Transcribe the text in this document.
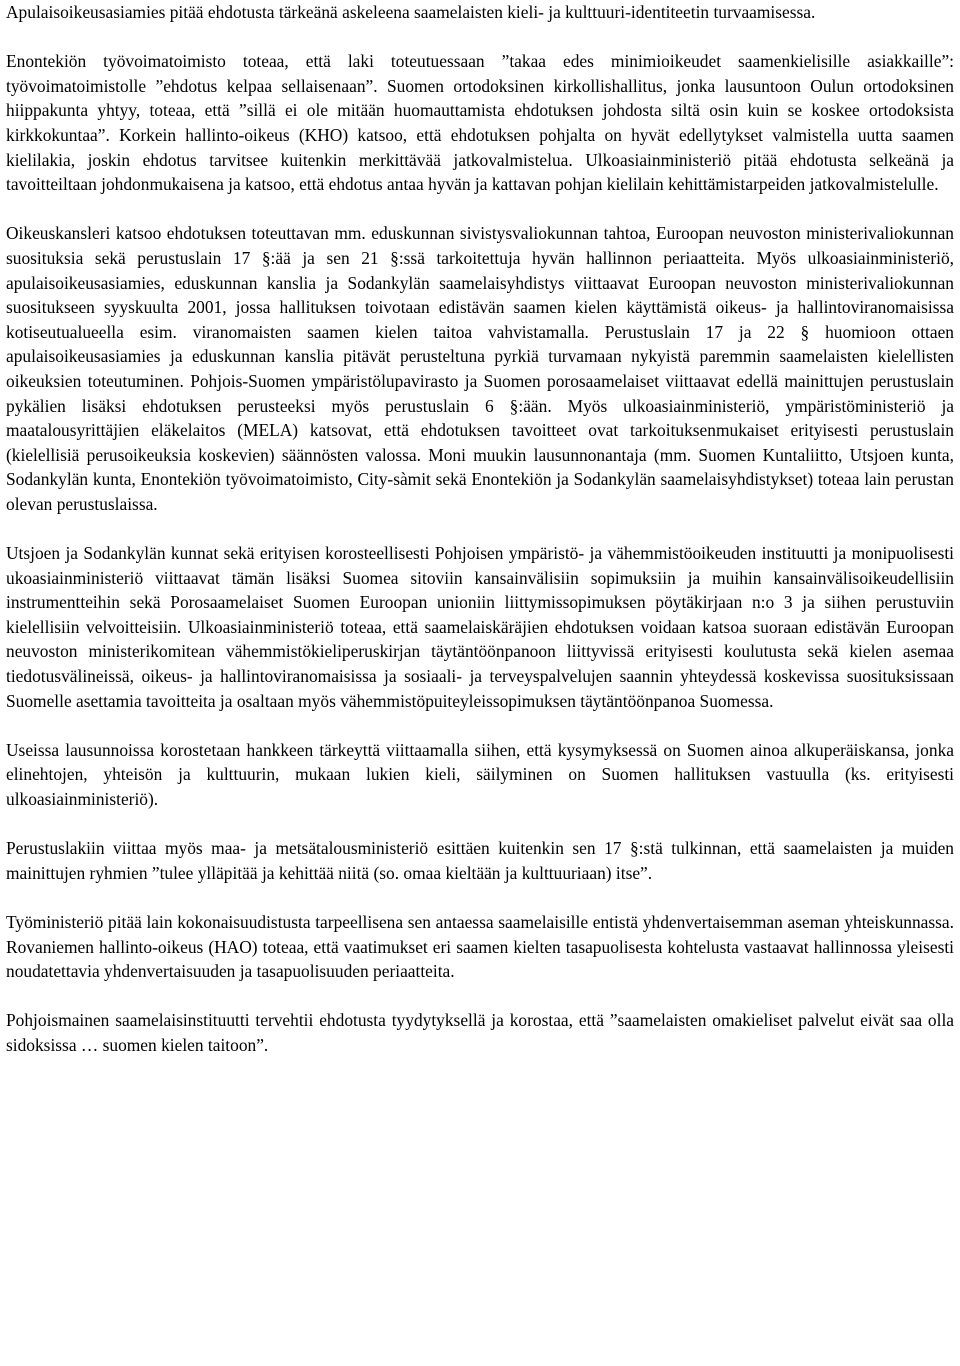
Apulaisoikeusasiamies pitää ehdotusta tärkeänä askeleena saamelaisten kieli- ja kulttuuri-identiteetin turvaamisessa.

Enontekiön työvoimatoimisto toteaa, että laki toteutuessaan ”takaa edes minimioikeudet saamenkielisille asiakkaille”: työvoimatoimistolle ”ehdotus kelpaa sellaisenaan”. Suomen ortodoksinen kirkollishallitus, jonka lausuntoon Oulun ortodoksinen hiippakunta yhtyy, toteaa, että ”sillä ei ole mitään huomauttamista ehdotuksen johdosta siltä osin kuin se koskee ortodoksista kirkkokuntaa”. Korkein hallinto-oikeus (KHO) katsoo, että ehdotuksen pohjalta on hyvät edellytykset valmistella uutta saamen kielilakia, joskin ehdotus tarvitsee kuitenkin merkittävää jatkovalmistelua. Ulkoasiainministeriö pitää ehdotusta selkeänä ja tavoitteiltaan johdonmukaisena ja katsoo, että ehdotus antaa hyvän ja kattavan pohjan kielilain kehittämistarpeiden jatkovalmistelulle.

Oikeuskansleri katsoo ehdotuksen toteuttavan mm. eduskunnan sivistysvaliokunnan tahtoa, Euroopan neuvoston ministerivaliokunnan suosituksia sekä perustuslain 17 §:ää ja sen 21 §:ssä tarkoitettuja hyvän hallinnon periaatteita. Myös ulkoasiainministeriö, apulaisoikeusasiamies, eduskunnan kanslia ja Sodankylän saamelaisyhdistys viittaavat Euroopan neuvoston ministerivaliokunnan suositukseen syyskuulta 2001, jossa hallituksen toivotaan edistävän saamen kielen käyttämistä oikeus- ja hallintoviranomaisissa kotiseutualueella esim. viranomaisten saamen kielen taitoa vahvistamalla. Perustuslain 17 ja 22 § huomioon ottaen apulaisoikeusasiamies ja eduskunnan kanslia pitävät perusteltuna pyrkiä turvamaan nykyistä paremmin saamelaisten kielellisten oikeuksien toteutuminen. Pohjois-Suomen ympäristölupavirasto ja Suomen porosaamelaiset viittaavat edellä mainittujen perustuslain pykälien lisäksi ehdotuksen perusteeksi myös perustuslain 6 §:ään. Myös ulkoasiainministeriö, ympäristöministeriö ja maatalousyrittäjien eläkelaitos (MELA) katsovat, että ehdotuksen tavoitteet ovat tarkoituksenmukaiset erityisesti perustuslain (kielellisiä perusoikeuksia koskevien) säännösten valossa. Moni muukin lausunnonantaja (mm. Suomen Kuntaliitto, Utsjoen kunta, Sodankylän kunta, Enontekiön työvoimatoimisto, City-sàmit sekä Enontekiön ja Sodankylän saamelaisyhdistykset) toteaa lain perustan olevan perustuslaissa.

Utsjoen ja Sodankylän kunnat sekä erityisen korosteellisesti Pohjoisen ympäristö- ja vähemmistöoikeuden instituutti ja monipuolisesti ukoasiainministeriö viittaavat tämän lisäksi Suomea sitoviin kansainvälisiin sopimuksiin ja muihin kansainvälisoikeudellisiin instrumentteihin sekä Porosaamelaiset Suomen Euroopan unioniin liittymissopimuksen pöytäkirjaan n:o 3 ja siihen perustuviin kielellisiin velvoitteisiin. Ulkoasiainministeriö toteaa, että saamelaiskäräjien ehdotuksen voidaan katsoa suoraan edistävän Euroopan neuvoston ministerikomitean vähemmistökieliperuskirjan täytäntöönpanoon liittyvissä erityisesti koulutusta sekä kielen asemaa tiedotusvälineissä, oikeus- ja hallintoviranomaisissa ja sosiaali- ja terveyspalvelujen saannin yhteydessä koskevissa suosituksissaan Suomelle asettamia tavoitteita ja osaltaan myös vähemmistöpuiteyleissopimuksen täytäntöönpanoa Suomessa.

Useissa lausunnoissa korostetaan hankkeen tärkeyttä viittaamalla siihen, että kysymyksessä on Suomen ainoa alkuperäiskansa, jonka elinehtojen, yhteisön ja kulttuurin, mukaan lukien kieli, säilyminen on Suomen hallituksen vastuulla (ks. erityisesti ulkoasiainministeriö).

Perustuslakiin viittaa myös maa- ja metsätalousministeriö esittäen kuitenkin sen 17 §:stä tulkinnan, että saamelaisten ja muiden mainittujen ryhmien ”tulee ylläpitää ja kehittää niitä (so. omaa kieltään ja kulttuuriaan) itse”.

Työministeriö pitää lain kokonaisuudistusta tarpeellisena sen antaessa saamelaisille entistä yhdenvertaisemman aseman yhteiskunnassa. Rovaniemen hallinto-oikeus (HAO) toteaa, että vaatimukset eri saamen kielten tasapuolisesta kohtelusta vastaavat hallinnossa yleisesti noudatettavia yhdenvertaisuuden ja tasapuolisuuden periaatteita.

Pohjoismainen saamelaisinstituutti tervehtii ehdotusta tyydytyksellä ja korostaa, että ”saamelaisten omakieliset palvelut eivät saa olla sidoksissa … suomen kielen taitoon”.
